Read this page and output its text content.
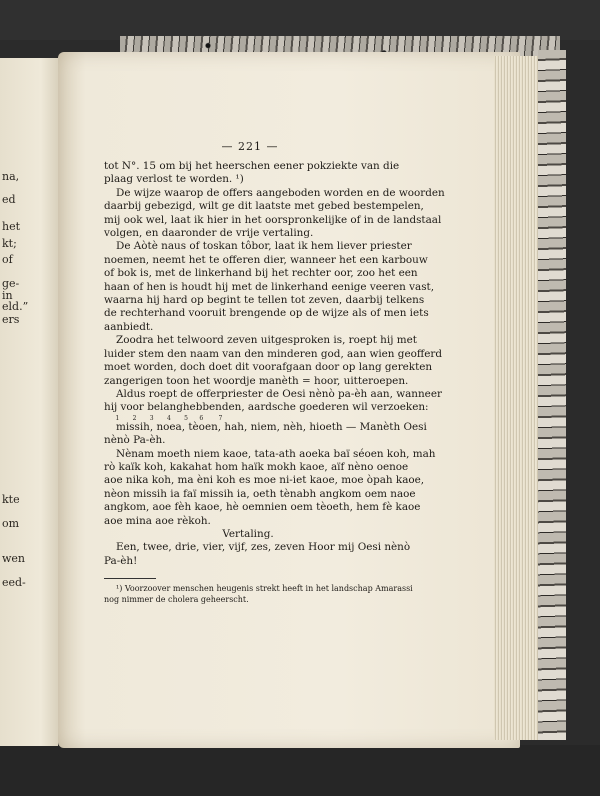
na,
ed
het
kt;
of
ge-
in
eld.”
ers
kte
om
wen
eed-
— 221 —
tot N°. 15 om bij het heerschen eener pokziekte van die
plaag verlost te worden. ¹)
De wijze waarop de offers aangeboden worden en de woorden
daarbij gebezigd, wilt ge dit laatste met gebed bestempelen,
mij ook wel, laat ik hier in het oorspronkelijke of in de landstaal
volgen, en daaronder de vrije vertaling.
De Aòtè naus of toskan tôbor, laat ik hem liever priester
noemen, neemt het te offeren dier, wanneer het een karbouw
of bok is, met de linkerhand bij het rechter oor, zoo het een
haan of hen is houdt hij met de linkerhand eenige veeren vast,
waarna hij hard op begint te tellen tot zeven, daarbij telkens
de rechterhand vooruit brengende op de wijze als of men iets
aanbiedt.
Zoodra het telwoord zeven uitgesproken is, roept hij met
luider stem den naam van den minderen god, aan wien geofferd
moet worden, doch doet dit voorafgaan door op lang gerekten
zangerigen toon het woordje manèth = hoor, uitteroepen.
Aldus roept de offerpriester de Oesi nènò pa-èh aan, wanneer
hij voor belanghebbenden, aardsche goederen wil verzoeken:
1       2       3       4       5      6        7
missih, noea, tèoen, hah, niem, nèh, hioeth — Manèth Oesi
nènò Pa-èh.
Nènam moeth niem kaoe, tata-ath aoeka baï séoen koh, mah
rò kaïk koh, kakahat hom haïk mokh kaoe, aïf nèno oenoe
aoe nika koh, ma èni koh es moe ni-iet kaoe, moe òpah kaoe,
nèon missih ia faï missih ia, oeth tènabh angkom oem naoe
angkom, aoe fèh kaoe, hè oemnien oem tèoeth, hem fè kaoe
aoe mina aoe rèkoh.
Vertaling.
Een, twee, drie, vier, vijf, zes, zeven Hoor mij Oesi nènò
Pa-èh!
¹) Voorzoover menschen heugenis strekt heeft in het landschap Amarassi
nog nimmer de cholera geheerscht.
